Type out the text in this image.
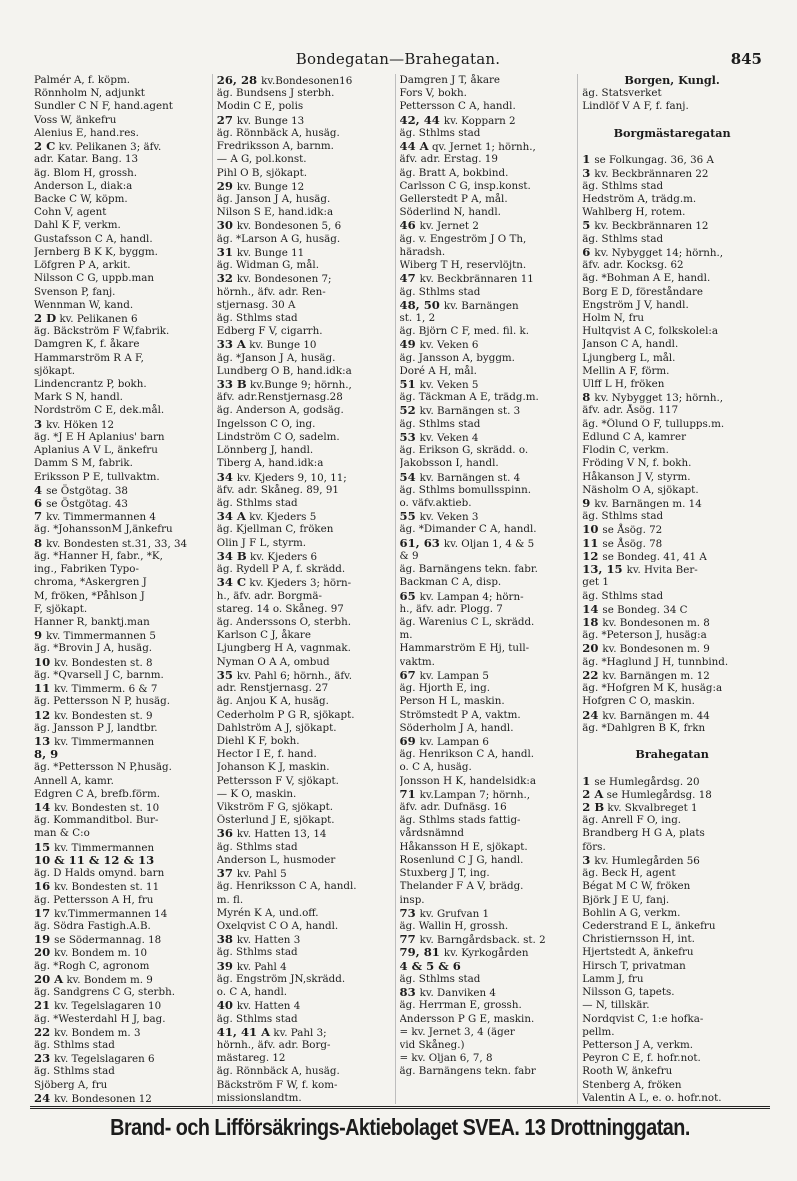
Bondegatan—Brahegatan.	845
Palmér A, f. köpm.
Rönnholm N, adjunkt
Sundler C N F, hand.agent
Voss W, änkefru
Alenius E, hand.res.
2 C kv. Pelikanen 3; äfv.
adr. Katar. Bang. 13
äg. Blom H, grossh.
Anderson L, diak:a
Backe C W, köpm.
Cohn V, agent
Dahl K F, verkm.
Gustafsson C A, handl.
Jernberg B K K, byggm.
Löfgren P A, arkit.
Nilsson C G, uppb.man
Svenson P, fanj.
Wennman W, kand.
2 D kv. Pelikanen 6
äg. Bäckström F W,fabrik.
Damgren K, f. åkare
Hammarström R A F,
sjökapt.
Lindencrantz P, bokh.
Mark S N, handl.
Nordström C E, dek.mål.
3 kv. Höken 12
äg. *J E H Aplanius' barn
Aplanius A V L, änkefru
Damm S M, fabrik.
Eriksson P E, tullvaktm.
4 se Östgötag. 38
6 se Östgötag. 43
7 kv. Timmermannen 4
äg. *JohanssonM J,änkefru
8 kv. Bondesten st.31, 33, 34
äg. *Hanner H, fabr., *K,
ing., Fabriken Typo-
chroma, *Askergren J
M, fröken, *Påhlson J
F, sjökapt.
Hanner R, banktj.man
9 kv. Timmermannen 5
äg. *Brovin J A, husäg.
10 kv. Bondesten st. 8
äg. *Qvarsell J C, barnm.
11 kv. Timmerm. 6 & 7
äg. Pettersson N P, husäg.
12 kv. Bondesten st. 9
äg. Jansson P J, landtbr.
13 kv. Timmermannen
8, 9
äg. *Pettersson N P,husäg.
Annell A, kamr.
Edgren C A, brefb.förm.
14 kv. Bondesten st. 10
äg. Kommanditbol. Bur-
man & C:o
15 kv. Timmermannen
10 & 11 & 12 & 13
äg. D Halds omynd. barn
16 kv. Bondesten st. 11
äg. Pettersson A H, fru
17 kv.Timmermannen 14
äg. Södra Fastigh.A.B.
19 se Södermannag. 18
20 kv. Bondem m. 10
äg. *Rogh C, agronom
20 A kv. Bondem m. 9
äg. Sandgrens C G, sterbh.
21 kv. Tegelslagaren 10
äg. *Westerdahl H J, bag.
22 kv. Bondem m. 3
äg. Sthlms stad
23 kv. Tegelslagaren 6
äg. Sthlms stad
Sjöberg A, fru
24 kv. Bondesonen 12
26, 28 kv.Bondesonen16
äg. Bundsens J sterbh.
Modin C E, polis
27 kv. Bunge 13
äg. Rönnbäck A, husäg.
Fredriksson A, barnm.
— A G, pol.konst.
Pihl O B, sjökapt.
29 kv. Bunge 12
äg. Janson J A, husäg.
Nilson S E, hand.idk:a
30 kv. Bondesonen 5, 6
äg. *Larson A G, husäg.
31 kv. Bunge 11
äg. Widman G, mål.
32 kv. Bondesonen 7;
hörnh., äfv. adr. Ren-
stjernasg. 30 A
äg. Sthlms stad
Edberg F V, cigarrh.
33 A kv. Bunge 10
äg. *Janson J A, husäg.
Lundberg O B, hand.idk:a
33 B kv.Bunge 9; hörnh.,
äfv. adr.Renstjernasg.28
äg. Anderson A, godsäg.
Ingelsson C O, ing.
Lindström C O, sadelm.
Lönnberg J, handl.
Tiberg A, hand.idk:a
34 kv. Kjeders 9, 10, 11;
äfv. adr. Skåneg. 89, 91
äg. Sthlms stad
34 A kv. Kjeders 5
äg. Kjellman C, fröken
Olin J F L, styrm.
34 B kv. Kjeders 6
äg. Rydell P A, f. skrädd.
34 C kv. Kjeders 3; hörn-
h., äfv. adr. Borgmä-
stareg. 14 o. Skåneg. 97
äg. Anderssons O, sterbh.
Karlson C J, åkare
Ljungberg H A, vagnmak.
Nyman O A A, ombud
35 kv. Pahl 6; hörnh., äfv.
adr. Renstjernasg. 27
äg. Anjou K A, husäg.
Cederholm P G R, sjökapt.
Dahlström A J, sjökapt.
Diehl K F, bokh.
Hector I E, f. hand.
Johanson K J, maskin.
Pettersson F V, sjökapt.
— K O, maskin.
Vikström F G, sjökapt.
Österlund J E, sjökapt.
36 kv. Hatten 13, 14
äg. Sthlms stad
Anderson L, husmoder
37 kv. Pahl 5
äg. Henriksson C A, handl.
m. fl.
Myrén K A, und.off.
Oxelqvist C O A, handl.
38 kv. Hatten 3
äg. Sthlms stad
39 kv. Pahl 4
äg. Engström JN,skrädd.
o. C A, handl.
40 kv. Hatten 4
äg. Sthlms stad
41, 41 A kv. Pahl 3;
hörnh., äfv. adr. Borg-
mästareg. 12
äg. Rönnbäck A, husäg.
Bäckström F W, f. kom-
missionslandtm.
Damgren J T, åkare
Fors V, bokh.
Pettersson C A, handl.
42, 44 kv. Kopparn 2
äg. Sthlms stad
44 A qv. Jernet 1; hörnh.,
äfv. adr. Erstag. 19
äg. Bratt A, bokbind.
Carlsson C G, insp.konst.
Gellerstedt P A, mål.
Söderlind N, handl.
46 kv. Jernet 2
äg. v. Engeström J O Th,
häradsh.
Wiberg T H, reservlöjtn.
47 kv. Beckbrännaren 11
äg. Sthlms stad
48, 50 kv. Barnängen
st. 1, 2
äg. Björn C F, med. fil. k.
49 kv. Veken 6
äg. Jansson A, byggm.
Doré A H, mål.
51 kv. Veken 5
äg. Täckman A E, trädg.m.
52 kv. Barnängen st. 3
äg. Sthlms stad
53 kv. Veken 4
äg. Erikson G, skrädd. o.
Jakobsson I, handl.
54 kv. Barnängen st. 4
äg. Sthlms bomullsspinn.
o. väfv.aktieb.
55 kv. Veken 3
äg. *Dimander C A, handl.
61, 63 kv. Oljan 1, 4 & 5
& 9
äg. Barnängens tekn. fabr.
Backman C A, disp.
65 kv. Lampan 4; hörn-
h., äfv. adr. Plogg. 7
äg. Warenius C L, skrädd.
m.
Hammarström E Hj, tull-
vaktm.
67 kv. Lampan 5
äg. Hjorth E, ing.
Person H L, maskin.
Strömstedt P A, vaktm.
Söderholm J A, handl.
69 kv. Lampan 6
äg. Henrikson C A, handl.
o. C A, husäg.
Jonsson H K, handelsidk:a
71 kv.Lampan 7; hörnh.,
äfv. adr. Dufnäsg. 16
äg. Sthlms stads fattig-
vårdsnämnd
Håkansson H E, sjökapt.
Rosenlund C J G, handl.
Stuxberg J T, ing.
Thelander F A V, brädg.
insp.
73 kv. Grufvan 1
äg. Wallin H, grossh.
77 kv. Barngårdsback. st. 2
79, 81 kv. Kyrkogården
4 & 5 & 6
äg. Sthlms stad
83 kv. Danviken 4
äg. Herrman E, grossh.
Andersson P G E, maskin.
= kv. Jernet 3, 4 (äger
vid Skåneg.)
= kv. Oljan 6, 7, 8
äg. Barnängens tekn. fabr
Borgen, Kungl.
äg. Statsverket
Lindlöf V A F, f. fanj.
Borgmästaregatan
1 se Folkungag. 36, 36 A
3 kv. Beckbrännaren 22
äg. Sthlms stad
Hedström A, trädg.m.
Wahlberg H, rotem.
5 kv. Beckbrännaren 12
äg. Sthlms stad
6 kv. Nybygget 14; hörnh.,
äfv. adr. Kocksg. 62
äg. *Bohman A E, handl.
Borg E D, föreståndare
Engström J V, handl.
Holm N, fru
Hultqvist A C, folkskolel:a
Janson C A, handl.
Ljungberg L, mål.
Mellin A F, förm.
Ulff L H, fröken
8 kv. Nybygget 13; hörnh.,
äfv. adr. Åsög. 117
äg. *Ölund O F, tullupps.m.
Edlund C A, kamrer
Flodin C, verkm.
Fröding V N, f. bokh.
Håkanson J V, styrm.
Näsholm O A, sjökapt.
9 kv. Barnängen m. 14
äg. Sthlms stad
10 se Åsög. 72
11 se Åsög. 78
12 se Bondeg. 41, 41 A
13, 15 kv. Hvita Ber-
get 1
äg. Sthlms stad
14 se Bondeg. 34 C
18 kv. Bondesonen m. 8
äg. *Peterson J, husäg:a
20 kv. Bondesonen m. 9
äg. *Haglund J H, tunnbind.
22 kv. Barnängen m. 12
äg. *Hofgren M K, husäg:a
Hofgren C O, maskin.
24 kv. Barnängen m. 44
äg. *Dahlgren B K, frkn
Brahegatan
1 se Humlegårdsg. 20
2 A se Humlegårdsg. 18
2 B kv. Skvalbreget 1
äg. Anrell F O, ing.
Brandberg H G A, plats
förs.
3 kv. Humlegården 56
äg. Beck H, agent
Bégat M C W, fröken
Björk J E U, fanj.
Bohlin A G, verkm.
Cederstrand E L, änkefru
Christiernsson H, int.
Hjertstedt A, änkefru
Hirsch T, privatman
Lamm J, fru
Nilsson G, tapets.
— N, tillskär.
Nordqvist C, 1:e hofka-
pellm.
Petterson J A, verkm.
Peyron C E, f. hofr.not.
Rooth W, änkefru
Stenberg A, fröken
Valentin A L, e. o. hofr.not.
Brand- och Lifförsäkrings-Aktiebolaget SVEA. 13 Drottninggatan.
